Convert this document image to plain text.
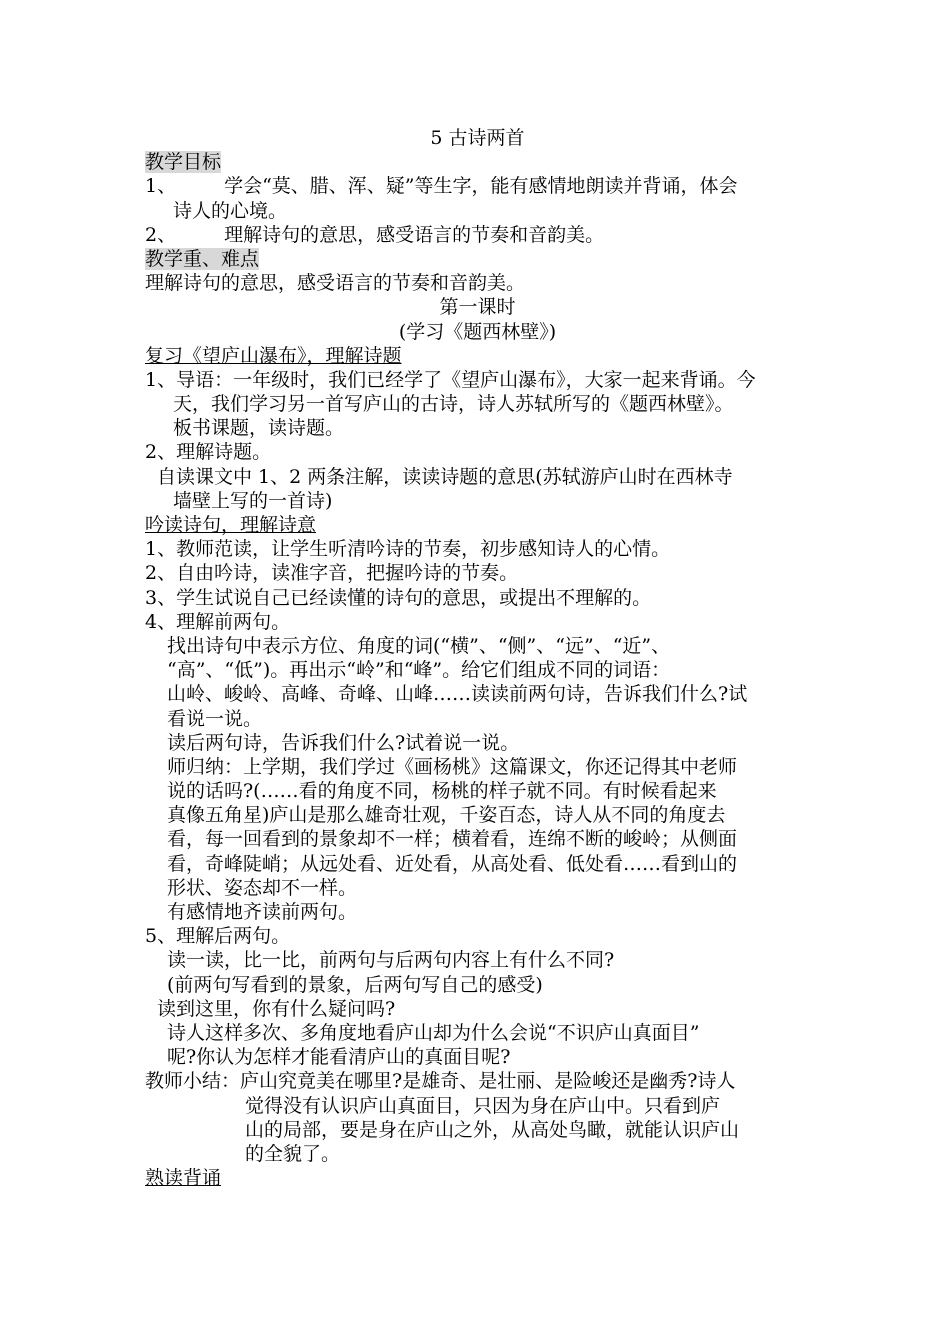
5 古诗两首
教学目标
1、	学会“莫、腊、浑、疑”等生字，能有感情地朗读并背诵，体会
诗人的心境。
2、	理解诗句的意思，感受语言的节奏和音韵美。
教学重、难点
理解诗句的意思，感受语言的节奏和音韵美。
第一课时
(学习《题西林壁》)
复习《望庐山瀑布》，理解诗题
1、导语：一年级时，我们已经学了《望庐山瀑布》，大家一起来背诵。今
天，我们学习另一首写庐山的古诗，诗人苏轼所写的《题西林壁》。
板书课题，读诗题。
2、理解诗题。
自读课文中 1、2 两条注解，读读诗题的意思(苏轼游庐山时在西林寺
墙壁上写的一首诗)
吟读诗句，理解诗意
1、教师范读，让学生听清吟诗的节奏，初步感知诗人的心情。
2、自由吟诗，读准字音，把握吟诗的节奏。
3、学生试说自己已经读懂的诗句的意思，或提出不理解的。
4、理解前两句。
找出诗句中表示方位、角度的词(“横”、“侧”、“远”、“近”、
“高”、“低”)。再出示“岭”和“峰”。给它们组成不同的词语：
山岭、峻岭、高峰、奇峰、山峰……读读前两句诗，告诉我们什么?试
看说一说。
读后两句诗，告诉我们什么?试着说一说。
师归纳：上学期，我们学过《画杨桃》这篇课文，你还记得其中老师
说的话吗?(……看的角度不同，杨桃的样子就不同。有时候看起来
真像五角星)庐山是那么雄奇壮观，千姿百态，诗人从不同的角度去
看，每一回看到的景象却不一样；横着看，连绵不断的峻岭；从侧面
看，奇峰陡峭；从远处看、近处看，从高处看、低处看……看到山的
形状、姿态却不一样。
有感情地齐读前两句。
5、理解后两句。
读一读，比一比，前两句与后两句内容上有什么不同?
(前两句写看到的景象，后两句写自己的感受)
读到这里，你有什么疑问吗?
诗人这样多次、多角度地看庐山却为什么会说“不识庐山真面目”
呢?你认为怎样才能看清庐山的真面目呢?
教师小结：庐山究竟美在哪里?是雄奇、是壮丽、是险峻还是幽秀?诗人
觉得没有认识庐山真面目，只因为身在庐山中。只看到庐
山的局部，要是身在庐山之外，从高处鸟瞰，就能认识庐山
的全貌了。
熟读背诵
